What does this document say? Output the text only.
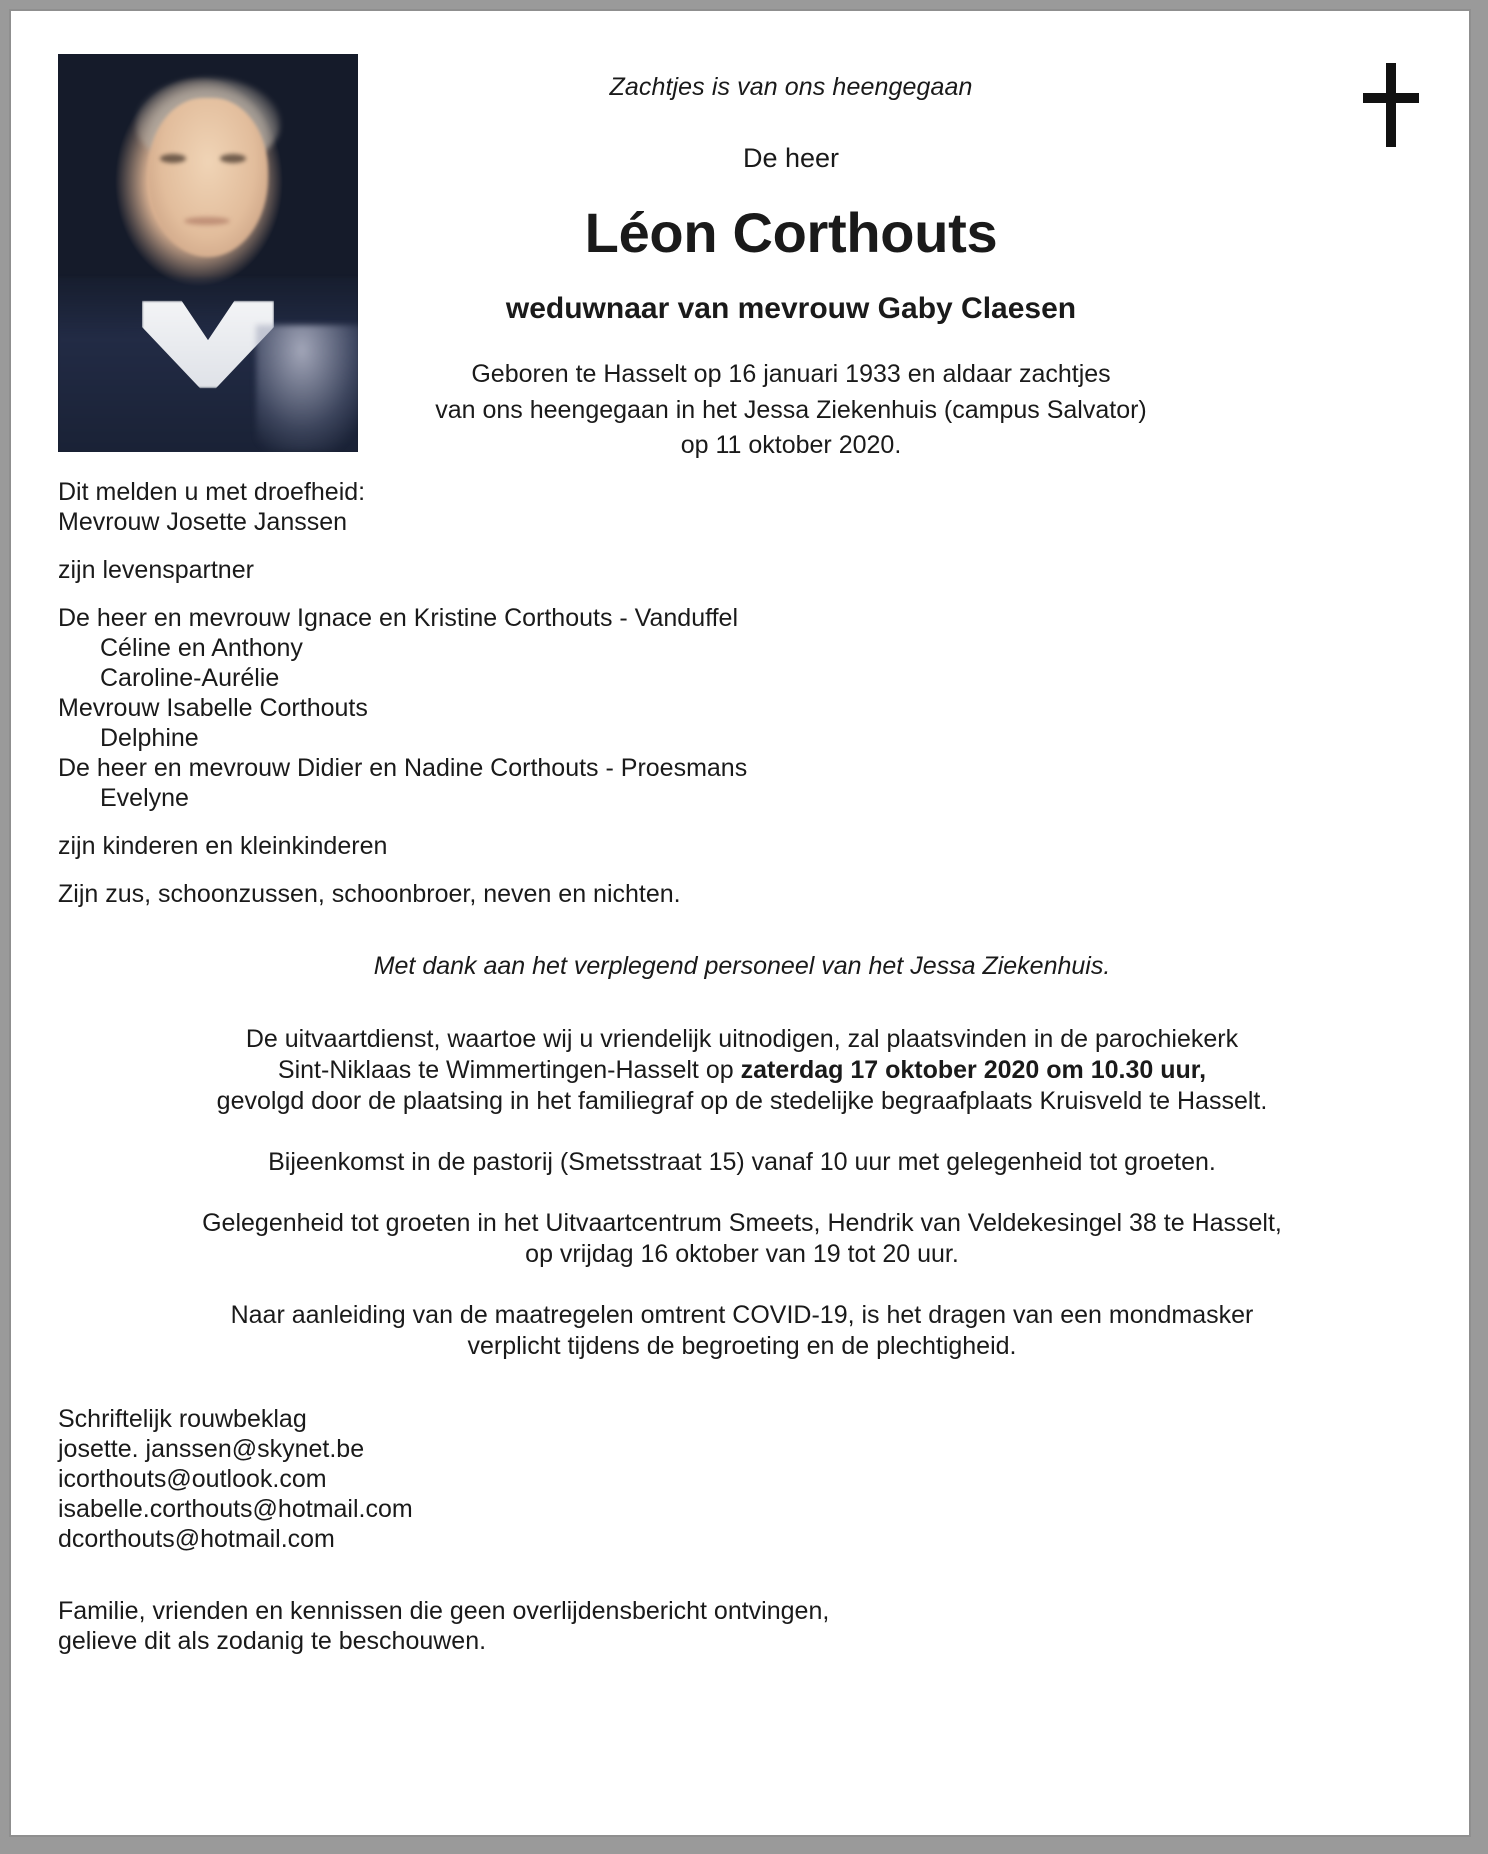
Zachtjes is van ons heengegaan
De heer
Léon Corthouts
weduwnaar van mevrouw Gaby Claesen
Geboren te Hasselt op 16 januari 1933 en aldaar zachtjes
van ons heengegaan in het Jessa Ziekenhuis (campus Salvator)
op 11 oktober 2020.
Dit melden u met droefheid:
Mevrouw Josette Janssen
zijn levenspartner
De heer en mevrouw Ignace en Kristine Corthouts - Vanduffel
Céline en Anthony
Caroline-Aurélie
Mevrouw Isabelle Corthouts
Delphine
De heer en mevrouw Didier en Nadine Corthouts - Proesmans
Evelyne
zijn kinderen en kleinkinderen
Zijn zus, schoonzussen, schoonbroer, neven en nichten.
Met dank aan het verplegend personeel van het Jessa Ziekenhuis.
De uitvaartdienst, waartoe wij u vriendelijk uitnodigen, zal plaatsvinden in de parochiekerk
Sint-Niklaas te Wimmertingen-Hasselt op zaterdag 17 oktober 2020 om 10.30 uur,
gevolgd door de plaatsing in het familiegraf op de stedelijke begraafplaats Kruisveld te Hasselt.
Bijeenkomst in de pastorij (Smetsstraat 15) vanaf 10 uur met gelegenheid tot groeten.
Gelegenheid tot groeten in het Uitvaartcentrum Smeets, Hendrik van Veldekesingel 38 te Hasselt,
op vrijdag 16 oktober van 19 tot 20 uur.
Naar aanleiding van de maatregelen omtrent COVID-19, is het dragen van een mondmasker
verplicht tijdens de begroeting en de plechtigheid.
Schriftelijk rouwbeklag
josette. janssen@skynet.be
icorthouts@outlook.com
isabelle.corthouts@hotmail.com
dcorthouts@hotmail.com
Familie, vrienden en kennissen die geen overlijdensbericht ontvingen,
gelieve dit als zodanig te beschouwen.
